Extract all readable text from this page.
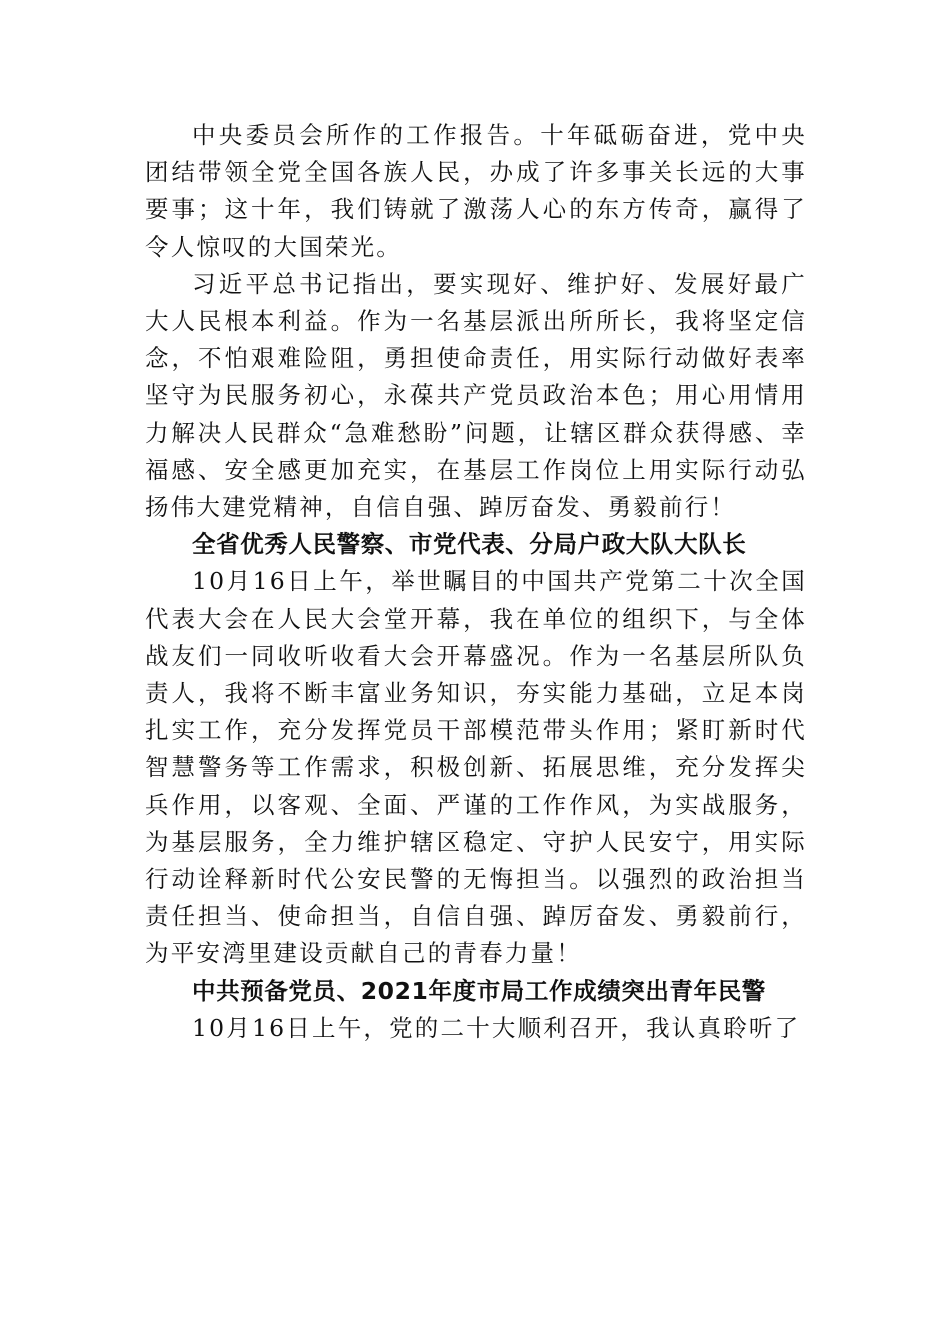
中央委员会所作的工作报告。十年砥砺奋进，党中央团结带领全党全国各族人民，办成了许多事关长远的大事要事；这十年，我们铸就了激荡人心的东方传奇，赢得了令人惊叹的大国荣光。

习近平总书记指出，要实现好、维护好、发展好最广大人民根本利益。作为一名基层派出所所长，我将坚定信念，不怕艰难险阻，勇担使命责任，用实际行动做好表率坚守为民服务初心，永葆共产党员政治本色；用心用情用力解决人民群众“急难愁盼”问题，让辖区群众获得感、幸福感、安全感更加充实，在基层工作岗位上用实际行动弘扬伟大建党精神，自信自强、踔厉奋发、勇毅前行！

全省优秀人民警察、市党代表、分局户政大队大队长

10月16日上午，举世瞩目的中国共产党第二十次全国代表大会在人民大会堂开幕，我在单位的组织下，与全体战友们一同收听收看大会开幕盛况。作为一名基层所队负责人，我将不断丰富业务知识，夯实能力基础，立足本岗扎实工作，充分发挥党员干部模范带头作用；紧盯新时代智慧警务等工作需求，积极创新、拓展思维，充分发挥尖兵作用，以客观、全面、严谨的工作作风，为实战服务，为基层服务，全力维护辖区稳定、守护人民安宁，用实际行动诠释新时代公安民警的无悔担当。以强烈的政治担当责任担当、使命担当，自信自强、踔厉奋发、勇毅前行，为平安湾里建设贡献自己的青春力量！

中共预备党员、2021年度市局工作成绩突出青年民警

10月16日上午，党的二十大顺利召开，我认真聆听了
